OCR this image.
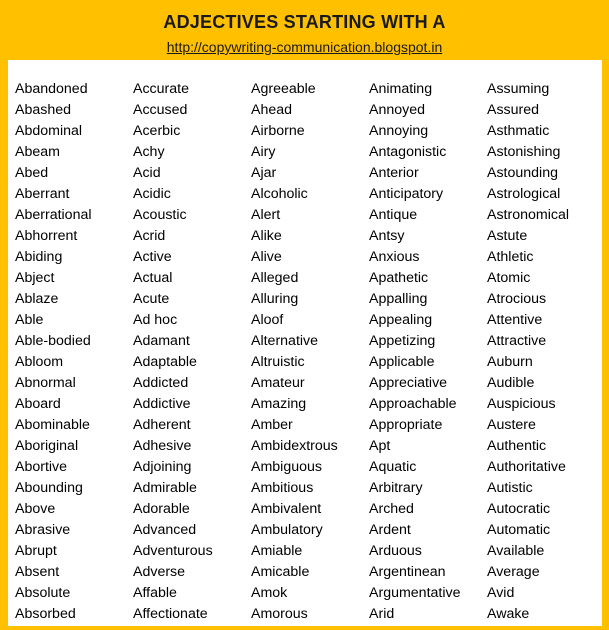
ADJECTIVES STARTING WITH A
http://copywriting-communication.blogspot.in
Abandoned
Abashed
Abdominal
Abeam
Abed
Aberrant
Aberrational
Abhorrent
Abiding
Abject
Ablaze
Able
Able-bodied
Abloom
Abnormal
Aboard
Abominable
Aboriginal
Abortive
Abounding
Above
Abrasive
Abrupt
Absent
Absolute
Absorbed
Accurate
Accused
Acerbic
Achy
Acid
Acidic
Acoustic
Acrid
Active
Actual
Acute
Ad hoc
Adamant
Adaptable
Addicted
Addictive
Adherent
Adhesive
Adjoining
Admirable
Adorable
Advanced
Adventurous
Adverse
Affable
Affectionate
Agreeable
Ahead
Airborne
Airy
Ajar
Alcoholic
Alert
Alike
Alive
Alleged
Alluring
Aloof
Alternative
Altruistic
Amateur
Amazing
Amber
Ambidextrous
Ambiguous
Ambitious
Ambivalent
Ambulatory
Amiable
Amicable
Amok
Amorous
Animating
Annoyed
Annoying
Antagonistic
Anterior
Anticipatory
Antique
Antsy
Anxious
Apathetic
Appalling
Appealing
Appetizing
Applicable
Appreciative
Approachable
Appropriate
Apt
Aquatic
Arbitrary
Arched
Ardent
Arduous
Argentinean
Argumentative
Arid
Assuming
Assured
Asthmatic
Astonishing
Astounding
Astrological
Astronomical
Astute
Athletic
Atomic
Atrocious
Attentive
Attractive
Auburn
Audible
Auspicious
Austere
Authentic
Authoritative
Autistic
Autocratic
Automatic
Available
Average
Avid
Awake
